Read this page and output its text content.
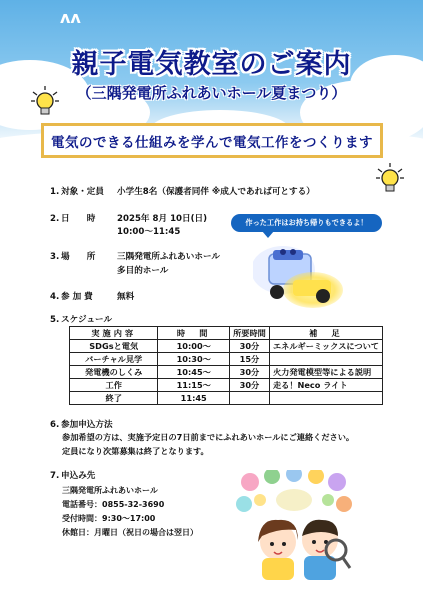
ʌʌ
親子電気教室のご案内
（三隅発電所ふれあいホール夏まつり）
電気のできる仕組みを学んで電気工作をつくります
1. 対象・定員 小学生8名（保護者同伴 ※成人であれば可とする）
2. 日　　時	2025年 8月 10日(日)
10:00～11:45
作った工作はお持ち帰りもできるよ！
3. 場　　所	三隅発電所ふれあいホール
多目的ホール
4. 参 加 費	無料
5. スケジュール
実施内容	時　間	所要時間	補　足
SDGsと電気	10:00～	30分	エネルギーミックスについて
バーチャル見学	10:30～	15分	
発電機のしくみ	10:45～	30分	火力発電模型等による説明
工作	11:15～	30分	走る！Neco ライト
終了	11:45		
6. 参加申込方法
参加希望の方は、実施予定日の7日前までにふれあいホールにご連絡ください。
定員になり次第募集は終了となります。
7. 申込み先
三隅発電所ふれあいホール
電話番号：0855-32-3690
受付時間：9:30～17:00
休館日：月曜日（祝日の場合は翌日）
